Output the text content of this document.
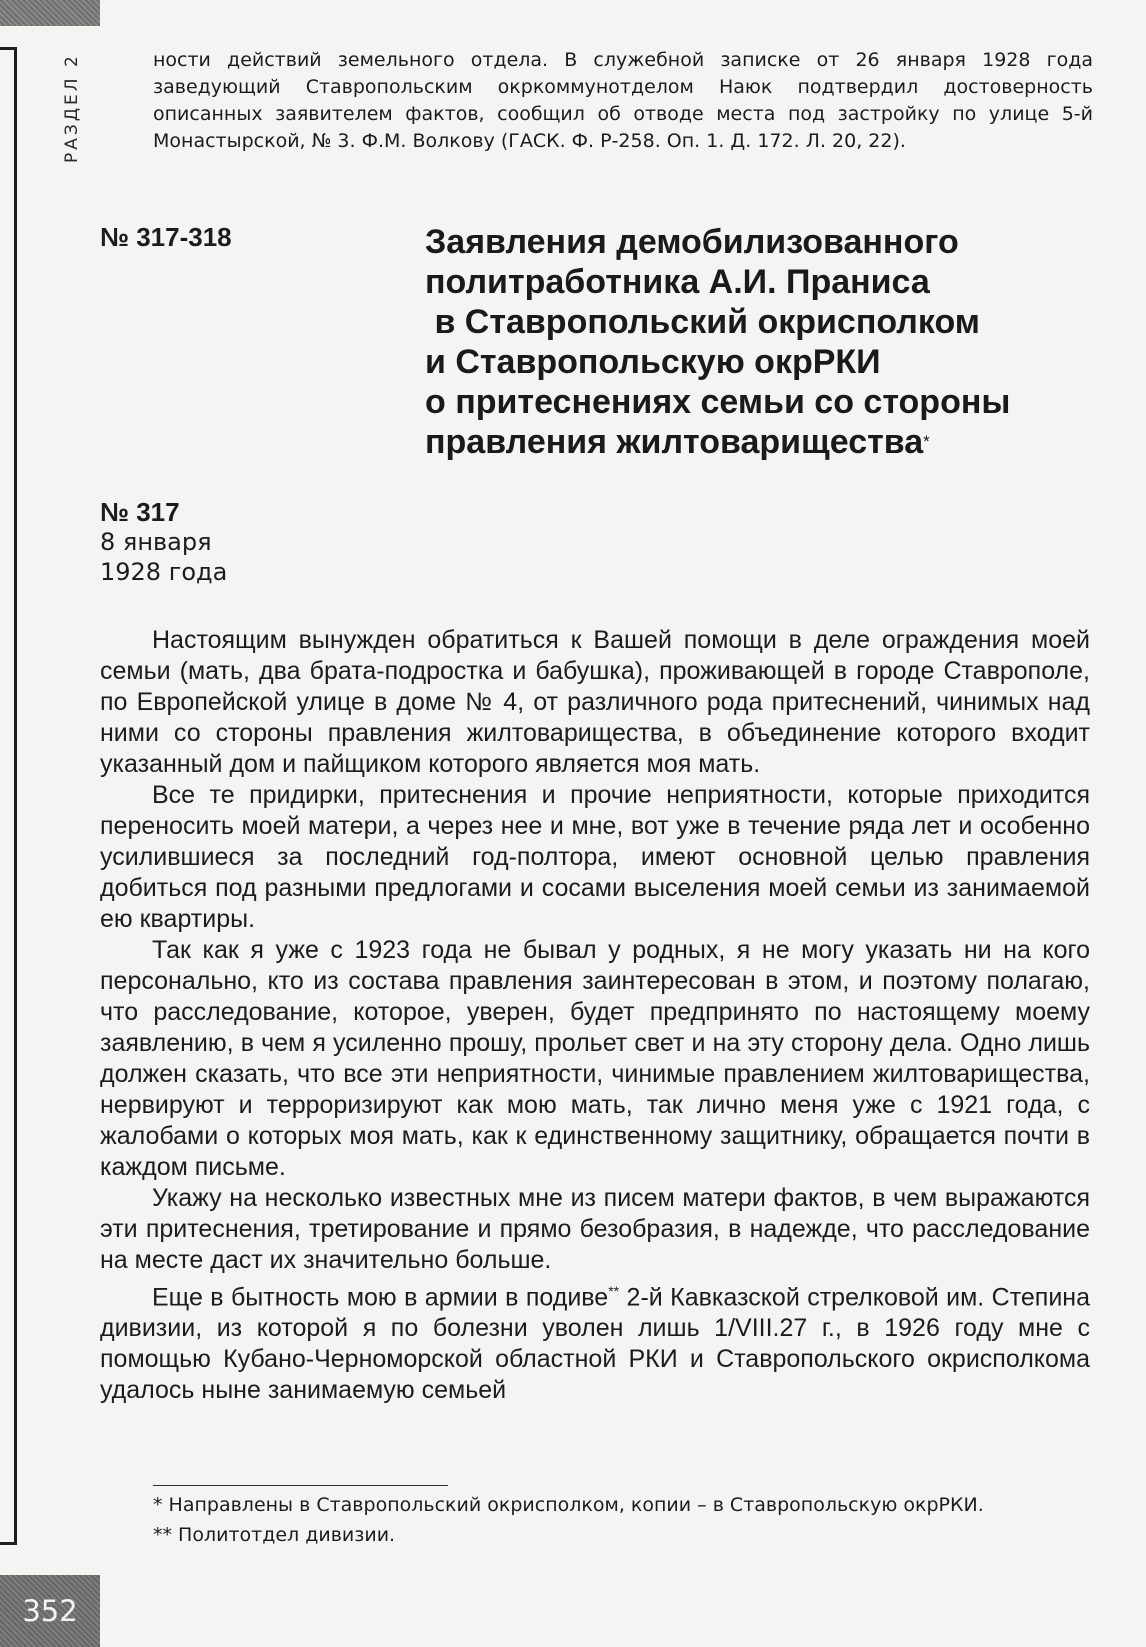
РАЗДЕЛ 2	ности действий земельного отдела. В служебной записке от 26 января 1928 года заведующий Ставропольским окркоммунотделом Наюк подтвердил достоверность описанных заявителем фактов, сообщил об отводе места под застройку по улице 5-й Монастырской, № 3. Ф.М. Волкову (ГАСК. Ф. Р-258. Оп. 1. Д. 172. Л. 20, 22).
№ 317-318	Заявления демобилизованного
политработника А.И. Праниса
в Ставропольский окрисполком
и Ставропольскую окрРКИ
о притеснениях семьи со стороны
правления жилтоварищества*
№ 317
8 января
1928 года

Настоящим вынужден обратиться к Вашей помощи в деле ограждения моей семьи (мать, два брата-подростка и бабушка), проживающей в городе Ставрополе, по Европейской улице в доме № 4, от различного рода притеснений, чинимых над ними со стороны правления жилтоварищества, в объединение которого входит указанный дом и пайщиком которого является моя мать.

Все те придирки, притеснения и прочие неприятности, которые приходится переносить моей матери, а через нее и мне, вот уже в течение ряда лет и особенно усилившиеся за последний год-полтора, имеют основной целью правления добиться под разными предлогами и сосами выселения моей семьи из занимаемой ею квартиры.

Так как я уже с 1923 года не бывал у родных, я не могу указать ни на кого персонально, кто из состава правления заинтересован в этом, и поэтому полагаю, что расследование, которое, уверен, будет предпринято по настоящему моему заявлению, в чем я усиленно прошу, прольет свет и на эту сторону дела. Одно лишь должен сказать, что все эти неприятности, чинимые правлением жилтоварищества, нервируют и терроризируют как мою мать, так лично меня уже с 1921 года, с жалобами о которых моя мать, как к единственному защитнику, обращается почти в каждом письме.

Укажу на несколько известных мне из писем матери фактов, в чем выражаются эти притеснения, третирование и прямо безобразия, в надежде, что расследование на месте даст их значительно больше.

Еще в бытность мою в армии в подиве** 2-й Кавказской стрелковой им. Степина дивизии, из которой я по болезни уволен лишь 1/VIII.27 г., в 1926 году мне с помощью Кубано-Черноморской областной РКИ и Ставропольского окрисполкома удалось ныне занимаемую семьей

* Направлены в Ставропольский окрисполком, копии – в Ставропольскую окрРКИ.
** Политотдел дивизии.
352
